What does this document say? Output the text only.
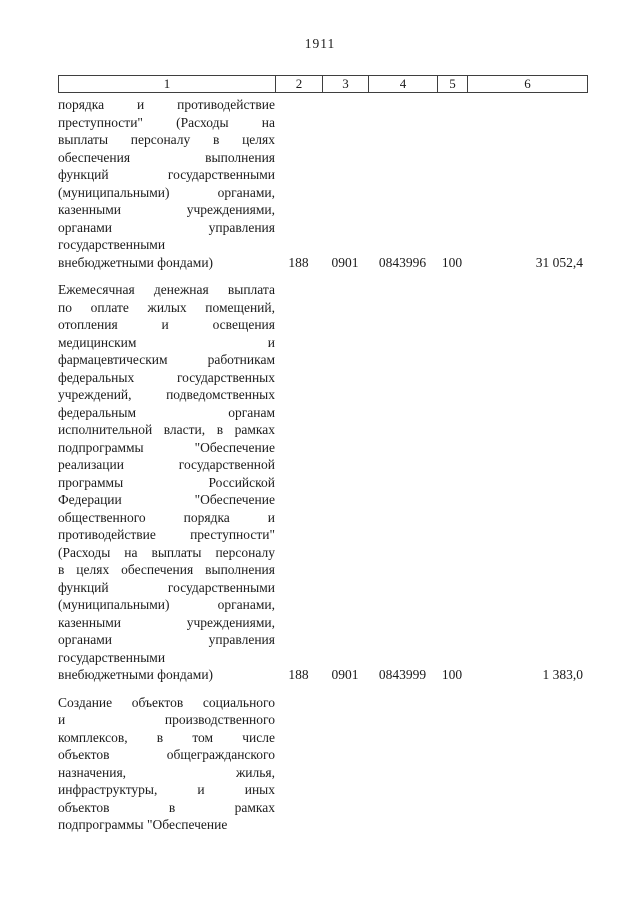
1911
1	2	3	4	5	6
порядка и противодействие
преступности" (Расходы на
выплаты персоналу в целях
обеспечения выполнения
функций государственными
(муниципальными) органами,
казенными учреждениями,
органами управления
государственными
внебюджетными фондами)	188	0901	0843996	100	31 052,4
Ежемесячная денежная выплата
по оплате жилых помещений,
отопления и освещения
медицинским и
фармацевтическим работникам
федеральных государственных
учреждений, подведомственных
федеральным органам
исполнительной власти, в рамках
подпрограммы "Обеспечение
реализации государственной
программы Российской
Федерации "Обеспечение
общественного порядка и
противодействие преступности"
(Расходы на выплаты персоналу
в целях обеспечения выполнения
функций государственными
(муниципальными) органами,
казенными учреждениями,
органами управления
государственными
внебюджетными фондами)	188	0901	0843999	100	1 383,0
Создание объектов социального
и производственного
комплексов, в том числе
объектов общегражданского
назначения, жилья,
инфраструктуры, и иных
объектов в рамках
подпрограммы "Обеспечение
